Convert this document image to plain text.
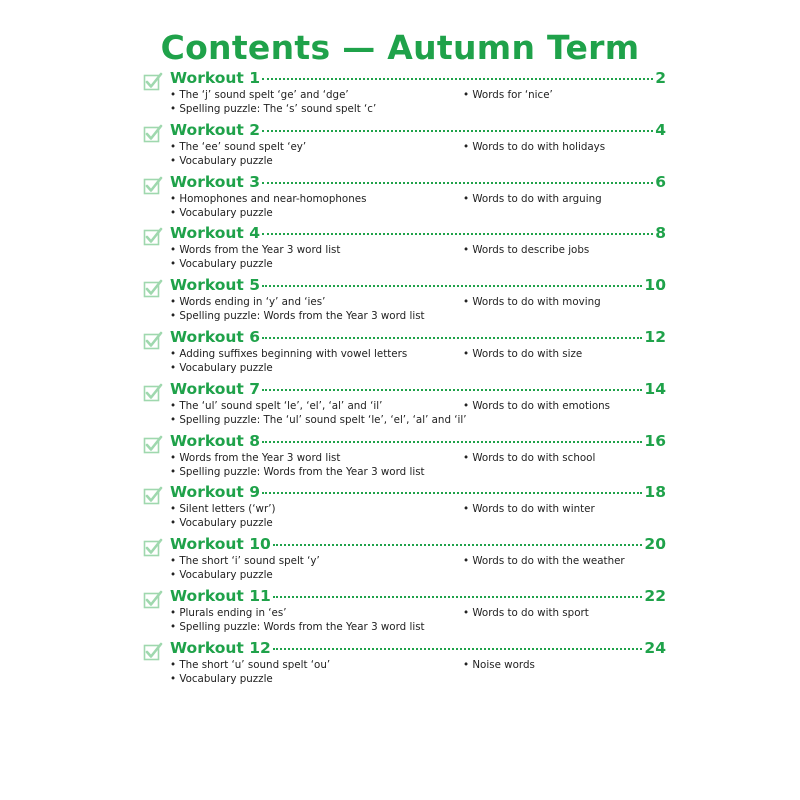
Contents — Autumn Term
Workout 1	2
• The ‘j’ sound spelt ‘ge’ and ‘dge’
• Spelling puzzle: The ‘s’ sound spelt ‘c’
• Words for ‘nice’
Workout 2	4
• The ‘ee’ sound spelt ‘ey’
• Vocabulary puzzle
• Words to do with holidays
Workout 3	6
• Homophones and near-homophones
• Vocabulary puzzle
• Words to do with arguing
Workout 4	8
• Words from the Year 3 word list
• Vocabulary puzzle
• Words to describe jobs
Workout 5	10
• Words ending in ‘y’ and ‘ies’
• Spelling puzzle: Words from the Year 3 word list
• Words to do with moving
Workout 6	12
• Adding suffixes beginning with vowel letters
• Vocabulary puzzle
• Words to do with size
Workout 7	14
• The ‘ul’ sound spelt ‘le’, ‘el’, ‘al’ and ‘il’
• Spelling puzzle: The ‘ul’ sound spelt ‘le’, ‘el’, ‘al’ and ‘il’
• Words to do with emotions
Workout 8	16
• Words from the Year 3 word list
• Spelling puzzle: Words from the Year 3 word list
• Words to do with school
Workout 9	18
• Silent letters (‘wr’)
• Vocabulary puzzle
• Words to do with winter
Workout 10	20
• The short ‘i’ sound spelt ‘y’
• Vocabulary puzzle
• Words to do with the weather
Workout 11	22
• Plurals ending in ‘es’
• Spelling puzzle: Words from the Year 3 word list
• Words to do with sport
Workout 12	24
• The short ‘u’ sound spelt ‘ou’
• Vocabulary puzzle
• Noise words
